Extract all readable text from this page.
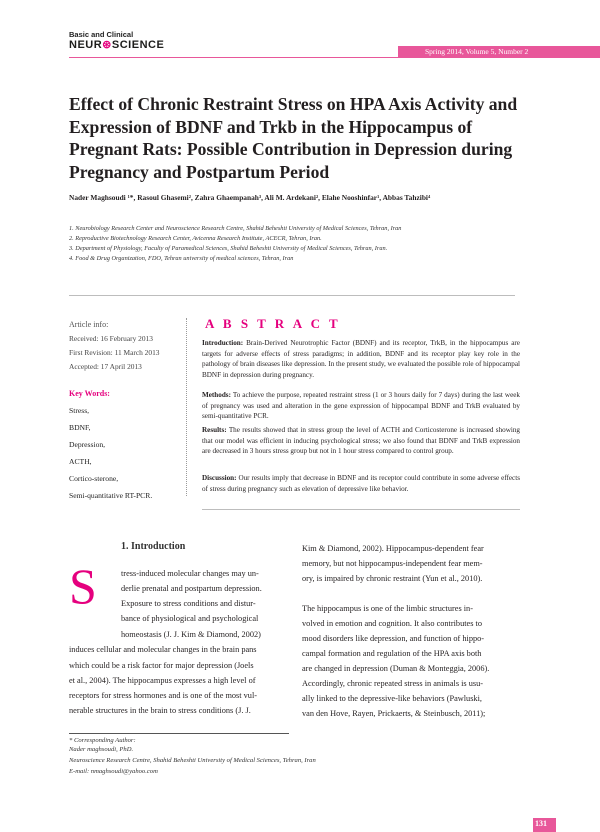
Basic and Clinical
NEUR⊛SCIENCE
Spring 2014, Volume 5, Number 2
Effect of Chronic Restraint Stress on HPA Axis Activity and Expression of BDNF and Trkb in the Hippocampus of Pregnant Rats: Possible Contribution in Depression during Pregnancy and Postpartum Period
Nader Maghsoudi ¹*, Rasoul Ghasemi², Zahra Ghaempanah³, Ali M. Ardekani², Elahe Nooshinfar¹, Abbas Tahzibi⁴
1. Neurobiology Research Center and Neuroscience Research Centre, Shahid Beheshti University of Medical Sciences, Tehran, Iran
2. Reproductive Biotechnology Research Center, Avicenna Research Institute, ACECR, Tehran, Iran.
3. Department of Physiology, Faculty of Paramedical Sciences, Shahid Beheshti University of Medical Sciences, Tehran, Iran.
4. Food & Drug Organization, FDO, Tehran university of medical sciences, Tehran, Iran
Article info:
Received: 16 February 2013
First Revision: 11 March 2013
Accepted: 17 April 2013
Key Words:
Stress,
BDNF,
Depression,
ACTH,
Cortico-sterone,
Semi-quantitative RT-PCR.
A B S T R A C T
Introduction: Brain-Derived Neurotrophic Factor (BDNF) and its receptor, TrkB, in the hippocampus are targets for adverse effects of stress paradigms; in addition, BDNF and its receptor play key role in the pathology of brain diseases like depression. In the present study, we evaluated the possible role of hippocampal BDNF in depression during pregnancy.
Methods: To achieve the purpose, repeated restraint stress (1 or 3 hours daily for 7 days) during the last week of pregnancy was used and alteration in the gene expression of hippocampal BDNF and TrkB evaluated by semi-quantitative PCR.
Results: The results showed that in stress group the level of ACTH and Corticosterone is increased showing that our model was efficient in inducing psychological stress; we also found that BDNF and TrkB expression are decreased in 3 hours stress group but not in 1 hour stress compared to control group.
Discussion: Our results imply that decrease in BDNF and its receptor could contribute in some adverse effects of stress during pregnancy such as elevation of depressive like behavior.
1. Introduction
S	tress-induced molecular changes may un-
derlie prenatal and postpartum depression.
Exposure to stress conditions and distur-
bance of physiological and psychological
homeostasis (J. J. Kim & Diamond, 2002)
induces cellular and molecular changes in the brain pans
which could be a risk factor for major depression (Joels
et al., 2004). The hippocampus expresses a high level of
receptors for stress hormones and is one of the most vul-
nerable structures in the brain to stress conditions (J. J.
Kim & Diamond, 2002). Hippocampus-dependent fear
memory, but not hippocampus-independent fear mem-
ory, is impaired by chronic restraint (Yun et al., 2010).
The hippocampus is one of the limbic structures in-
volved in emotion and cognition. It also contributes to
mood disorders like depression, and function of hippo-
campal formation and regulation of the HPA axis both
are changed in depression (Duman & Monteggia, 2006).
Accordingly, chronic repeated stress in animals is usu-
ally linked to the depressive-like behaviors (Pawluski,
van den Hove, Rayen, Prickaerts, & Steinbusch, 2011);
* Corresponding Author:
Nader maghsoudi, PhD.
Neuroscience Research Centre, Shahid Beheshti University of Medical Sciences, Tehran, Iran
E-mail: nmaghsoudi@yahoo.com
131
